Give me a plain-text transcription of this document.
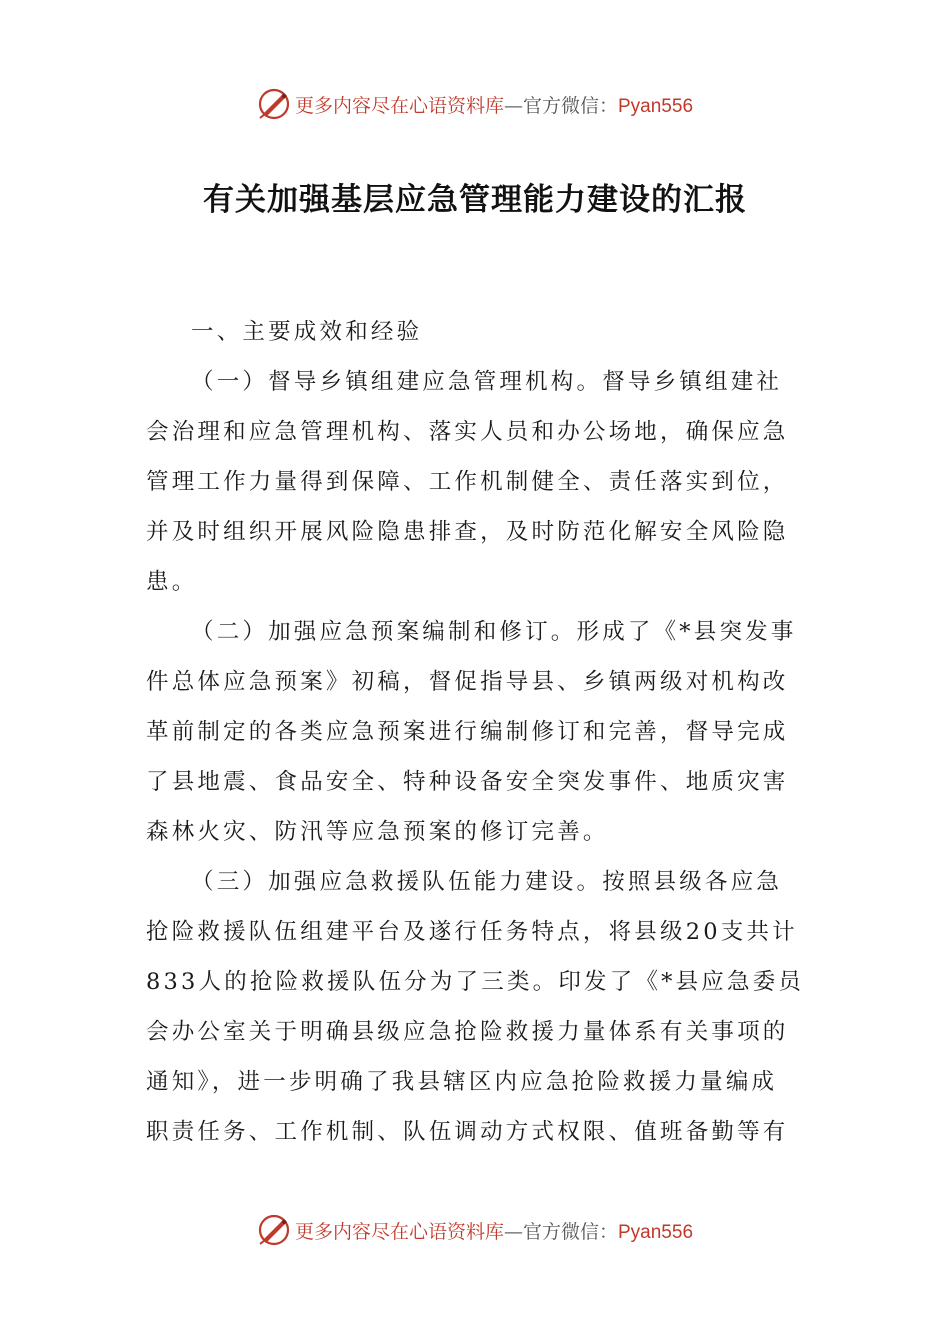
更多内容尽在心语资料库—官方微信：Pyan556
有关加强基层应急管理能力建设的汇报

一、主要成效和经验

（一）督导乡镇组建应急管理机构。督导乡镇组建社
会治理和应急管理机构、落实人员和办公场地，确保应急
管理工作力量得到保障、工作机制健全、责任落实到位，
并及时组织开展风险隐患排查，及时防范化解安全风险隐
患。

（二）加强应急预案编制和修订。形成了《*县突发事
件总体应急预案》初稿，督促指导县、乡镇两级对机构改
革前制定的各类应急预案进行编制修订和完善，督导完成
了县地震、食品安全、特种设备安全突发事件、地质灾害
森林火灾、防汛等应急预案的修订完善。

（三）加强应急救援队伍能力建设。按照县级各应急
抢险救援队伍组建平台及遂行任务特点，将县级20支共计
833人的抢险救援队伍分为了三类。印发了《*县应急委员
会办公室关于明确县级应急抢险救援力量体系有关事项的
通知》，进一步明确了我县辖区内应急抢险救援力量编成
职责任务、工作机制、队伍调动方式权限、值班备勤等有

更多内容尽在心语资料库—官方微信：Pyan556
